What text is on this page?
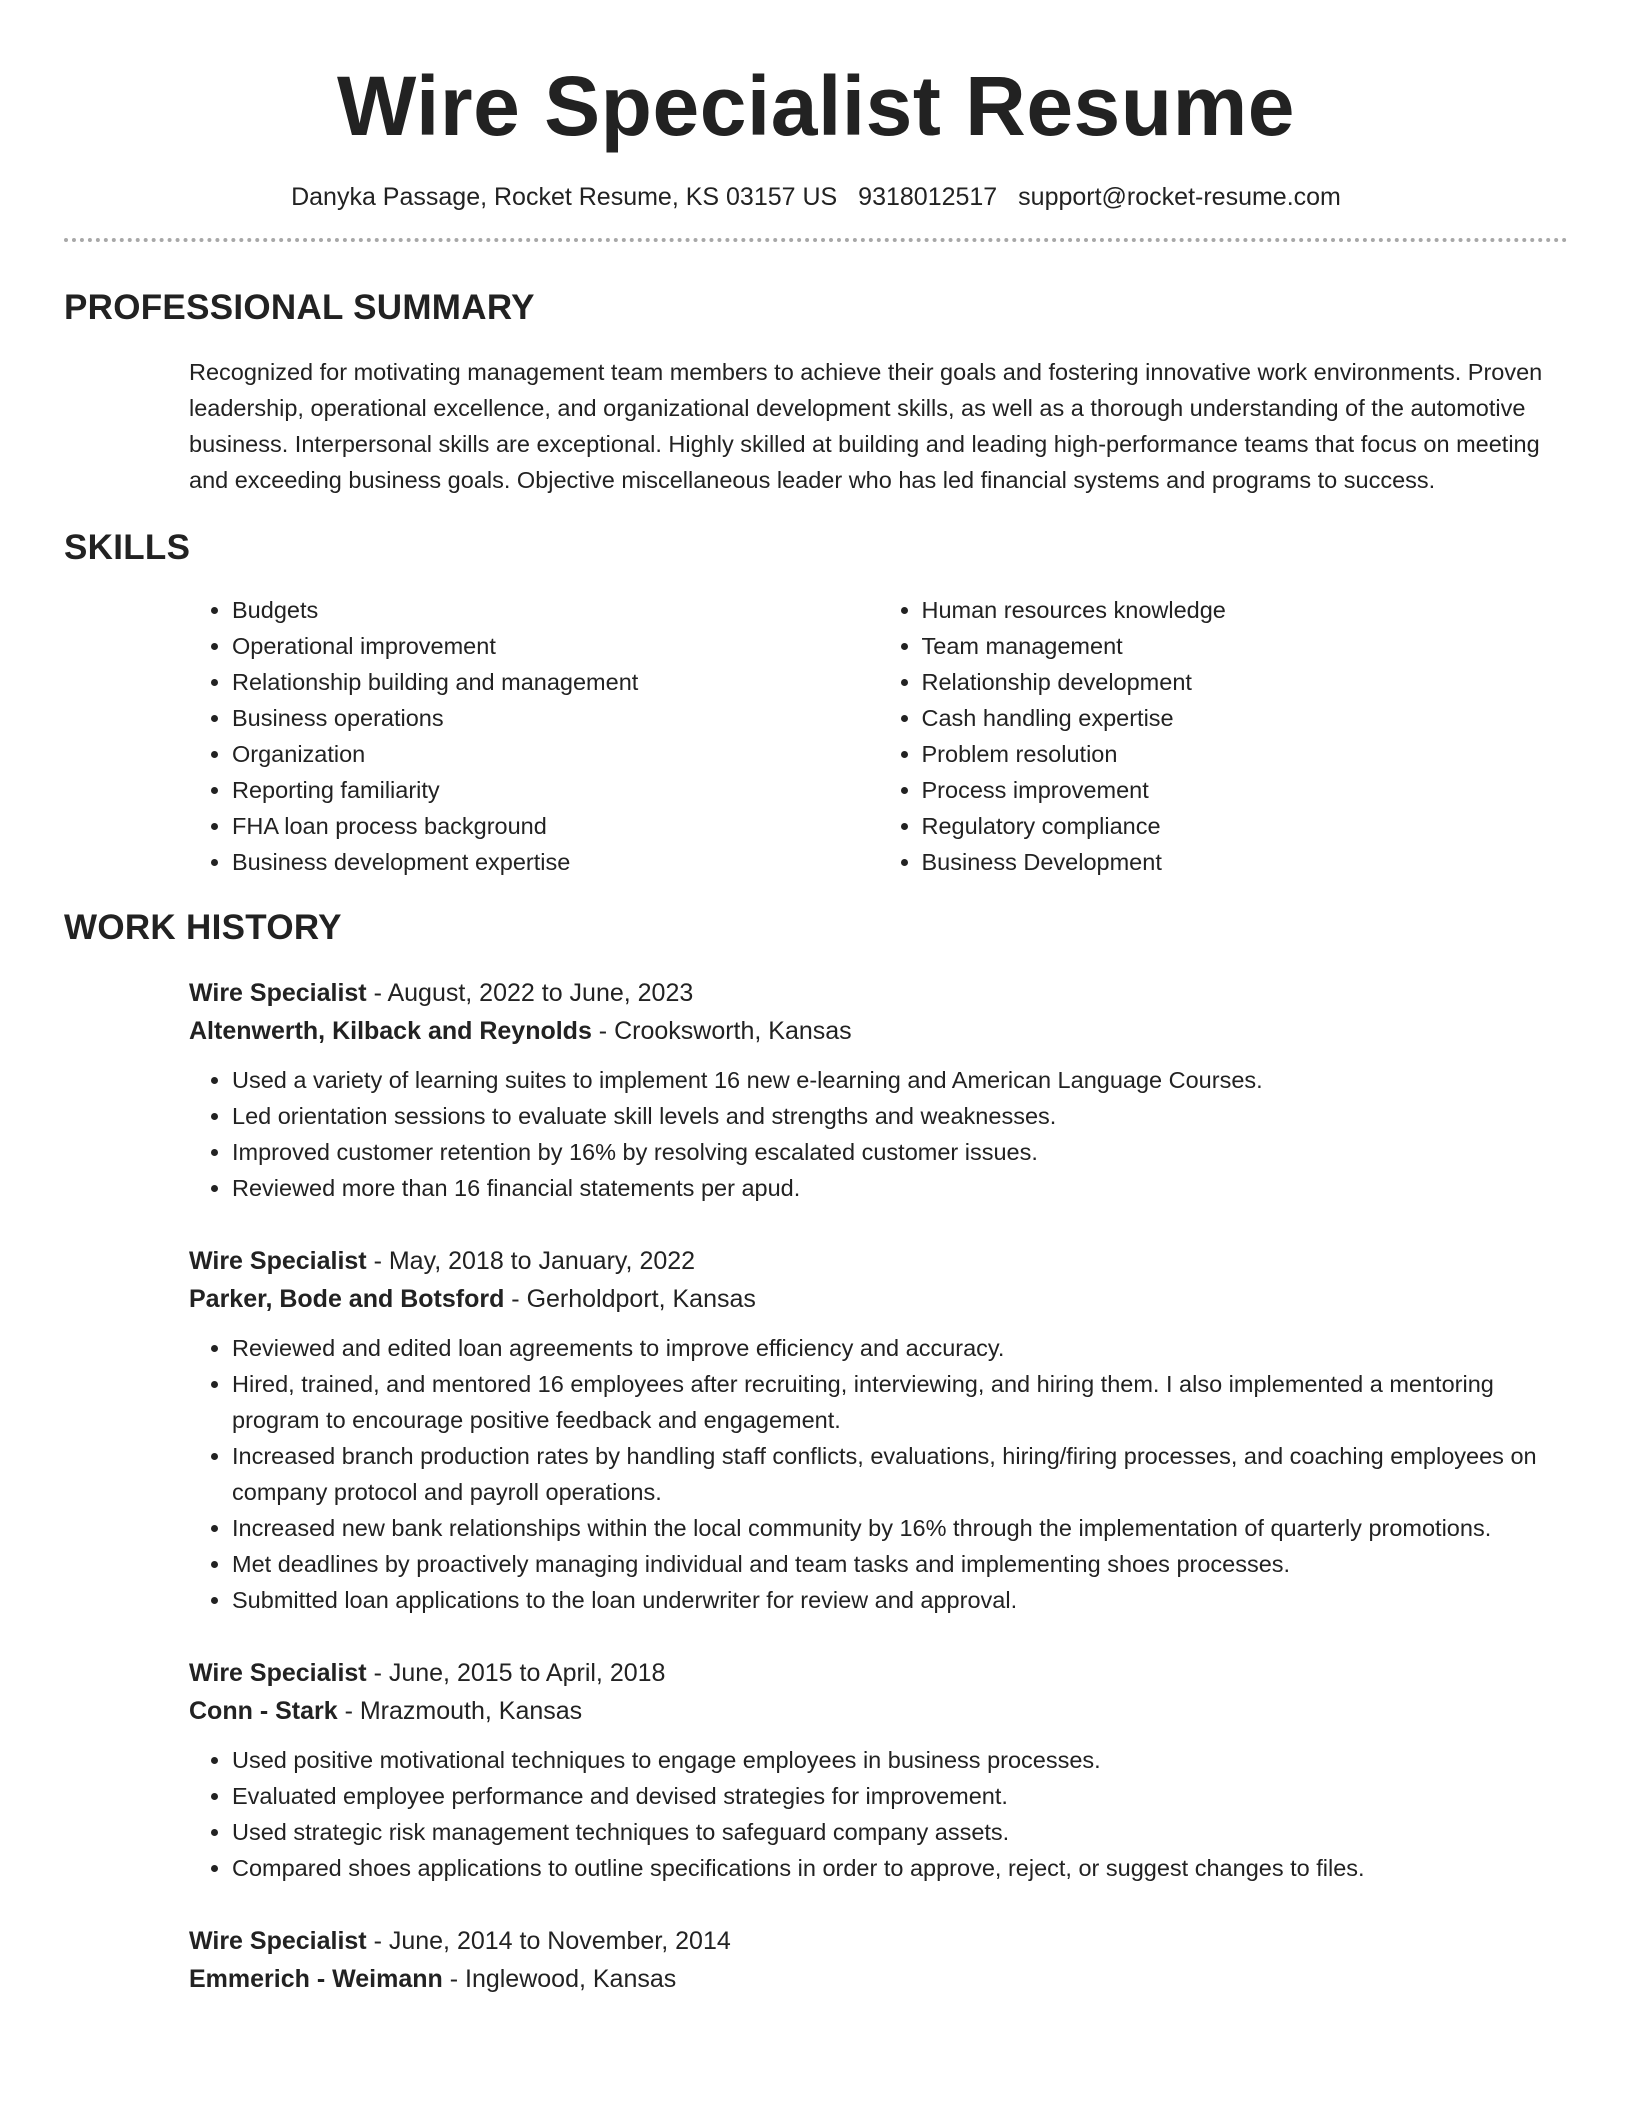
Wire Specialist Resume
Danyka Passage, Rocket Resume, KS 03157 US 9318012517 support@rocket-resume.com
PROFESSIONAL SUMMARY

Recognized for motivating management team members to achieve their goals and fostering innovative work environments. Proven leadership, operational excellence, and organizational development skills, as well as a thorough understanding of the automotive business. Interpersonal skills are exceptional. Highly skilled at building and leading high-performance teams that focus on meeting and exceeding business goals. Objective miscellaneous leader who has led financial systems and programs to success.

SKILLS
• Budgets
• Operational improvement
• Relationship building and management
• Business operations
• Organization
• Reporting familiarity
• FHA loan process background
• Business development expertise
• Human resources knowledge
• Team management
• Relationship development
• Cash handling expertise
• Problem resolution
• Process improvement
• Regulatory compliance
• Business Development
WORK HISTORY
Wire Specialist - August, 2022 to June, 2023
Altenwerth, Kilback and Reynolds - Crooksworth, Kansas
• Used a variety of learning suites to implement 16 new e-learning and American Language Courses.
• Led orientation sessions to evaluate skill levels and strengths and weaknesses.
• Improved customer retention by 16% by resolving escalated customer issues.
• Reviewed more than 16 financial statements per apud.
Wire Specialist - May, 2018 to January, 2022
Parker, Bode and Botsford - Gerholdport, Kansas
• Reviewed and edited loan agreements to improve efficiency and accuracy.
• Hired, trained, and mentored 16 employees after recruiting, interviewing, and hiring them. I also implemented a mentoring program to encourage positive feedback and engagement.
• Increased branch production rates by handling staff conflicts, evaluations, hiring/firing processes, and coaching employees on company protocol and payroll operations.
• Increased new bank relationships within the local community by 16% through the implementation of quarterly promotions.
• Met deadlines by proactively managing individual and team tasks and implementing shoes processes.
• Submitted loan applications to the loan underwriter for review and approval.
Wire Specialist - June, 2015 to April, 2018
Conn - Stark - Mrazmouth, Kansas
• Used positive motivational techniques to engage employees in business processes.
• Evaluated employee performance and devised strategies for improvement.
• Used strategic risk management techniques to safeguard company assets.
• Compared shoes applications to outline specifications in order to approve, reject, or suggest changes to files.
Wire Specialist - June, 2014 to November, 2014
Emmerich - Weimann - Inglewood, Kansas
